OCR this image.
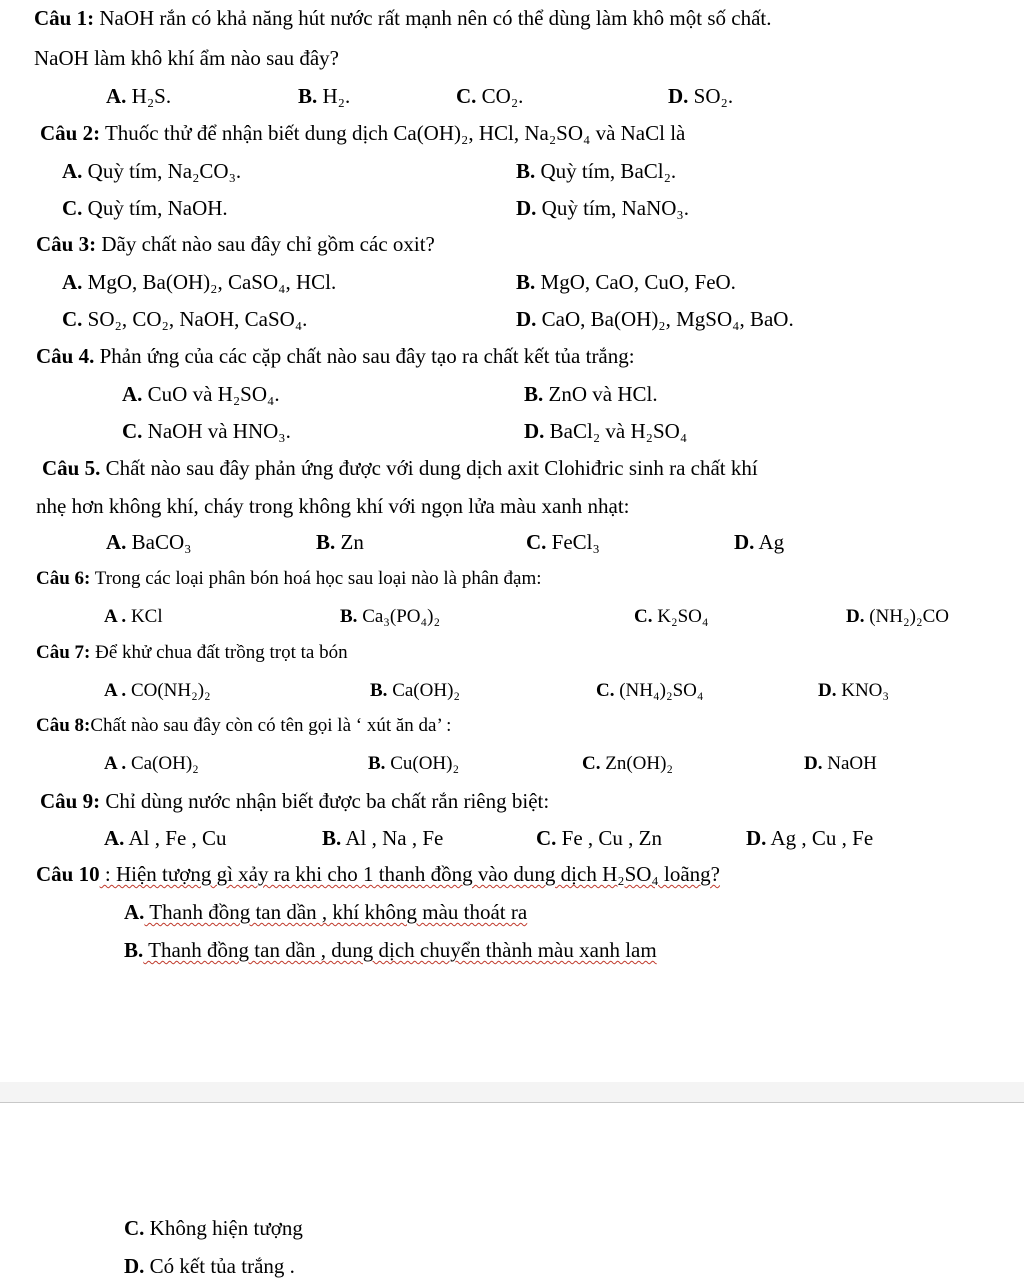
Câu 1: NaOH rắn có khả năng hút nước rất mạnh nên có thể dùng làm khô một số chất.
NaOH làm khô khí ẩm nào sau đây?
A. H₂S.	B. H₂.	C. CO₂.	D. SO₂.
Câu 2: Thuốc thử để nhận biết dung dịch Ca(OH)₂, HCl, Na₂SO₄ và NaCl là
A. Quỳ tím, Na₂CO₃.	B. Quỳ tím, BaCl₂.
C. Quỳ tím, NaOH.	D. Quỳ tím, NaNO₃.
Câu 3: Dãy chất nào sau đây chỉ gồm các oxit?
A. MgO, Ba(OH)₂, CaSO₄, HCl.	B. MgO, CaO, CuO, FeO.
C. SO₂, CO₂, NaOH, CaSO₄.	D. CaO, Ba(OH)₂, MgSO₄, BaO.
Câu 4. Phản ứng của các cặp chất nào sau đây tạo ra chất kết tủa trắng:
A. CuO và H₂SO₄.	B. ZnO và HCl.
C. NaOH và HNO₃.	D. BaCl₂ và H₂SO₄
Câu 5. Chất nào sau đây phản ứng được với dung dịch axit Clohiđric sinh ra chất khí
nhẹ hơn không khí, cháy trong không khí với ngọn lửa màu xanh nhạt:
A. BaCO₃	B. Zn	C. FeCl₃	D. Ag
Câu 6: Trong các loại phân bón hoá học sau loại nào là phân đạm:
A . KCl	B. Ca₃(PO₄)₂	C. K₂SO₄	D. (NH₂)₂CO
Câu 7: Để khử chua đất trồng trọt ta bón
A . CO(NH₂)₂	B. Ca(OH)₂	C. (NH₄)₂SO₄	D. KNO₃
Câu 8:Chất nào sau đây còn có tên gọi là ‘ xút ăn da’ :
A . Ca(OH)₂	B. Cu(OH)₂	C. Zn(OH)₂	D. NaOH
Câu 9: Chỉ dùng nước nhận biết được ba chất rắn riêng biệt:
A. Al , Fe , Cu	B. Al , Na , Fe	C. Fe , Cu , Zn	D. Ag , Cu , Fe
Câu 10 : Hiện tượng gì xảy ra khi cho 1 thanh đồng vào dung dịch H₂SO₄ loãng?
A. Thanh đồng tan dần , khí không màu thoát ra
B. Thanh đồng tan dần , dung dịch chuyển thành màu xanh lam
C. Không hiện tượng
D. Có kết tủa trắng .
